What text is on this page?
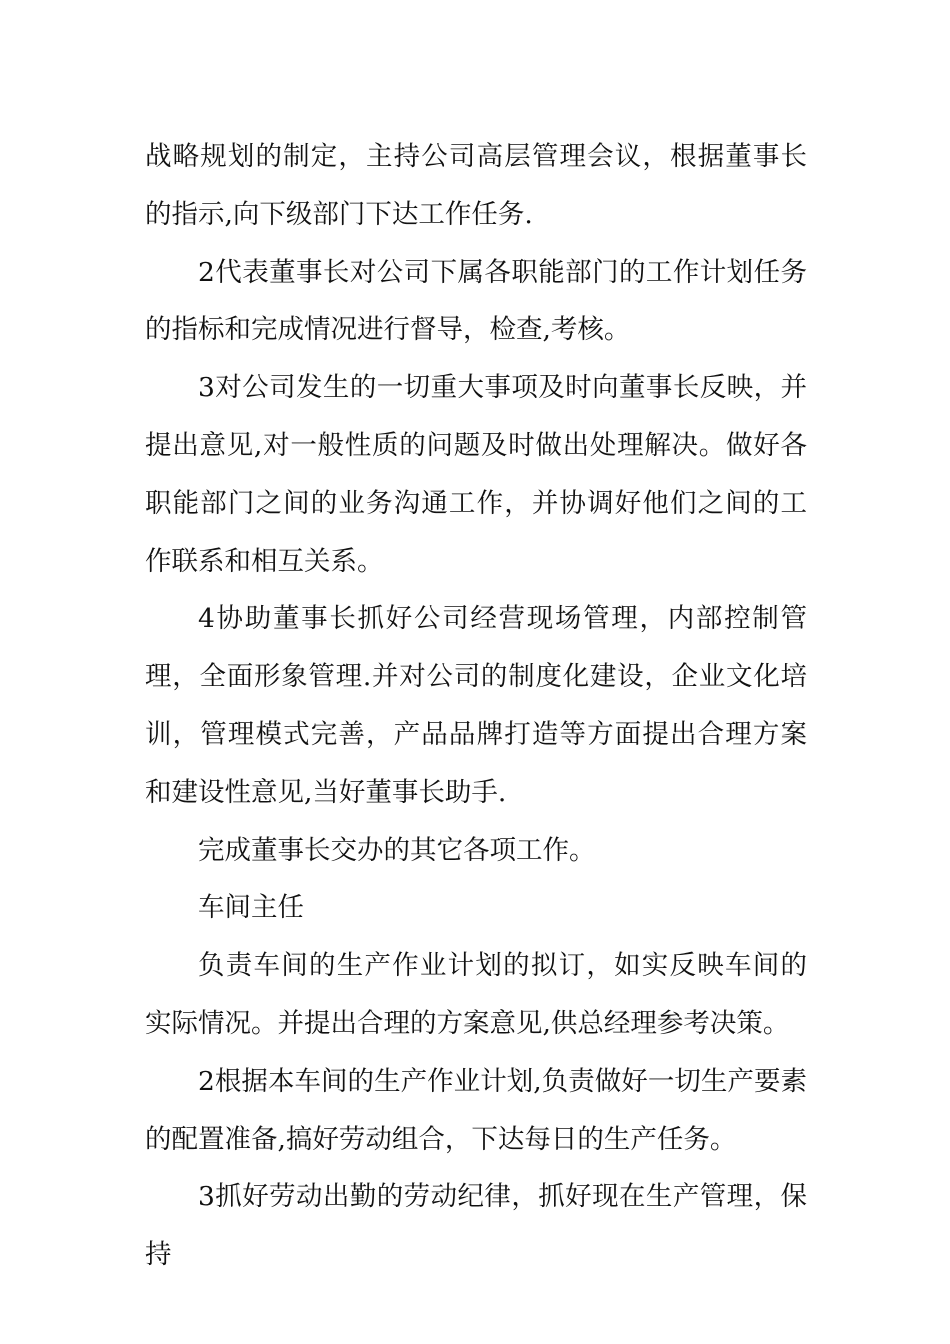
战略规划的制定，主持公司高层管理会议，根据董事长的指示,向下级部门下达工作任务.

2代表董事长对公司下属各职能部门的工作计划任务的指标和完成情况进行督导，检查,考核。

3对公司发生的一切重大事项及时向董事长反映，并提出意见,对一般性质的问题及时做出处理解决。做好各职能部门之间的业务沟通工作，并协调好他们之间的工作联系和相互关系。

4协助董事长抓好公司经营现场管理，内部控制管理，全面形象管理.并对公司的制度化建设，企业文化培训，管理模式完善，产品品牌打造等方面提出合理方案和建设性意见,当好董事长助手.

完成董事长交办的其它各项工作。

车间主任

负责车间的生产作业计划的拟订，如实反映车间的实际情况。并提出合理的方案意见,供总经理参考决策。

2根据本车间的生产作业计划,负责做好一切生产要素的配置准备,搞好劳动组合，下达每日的生产任务。

3抓好劳动出勤的劳动纪律，抓好现在生产管理，保持
